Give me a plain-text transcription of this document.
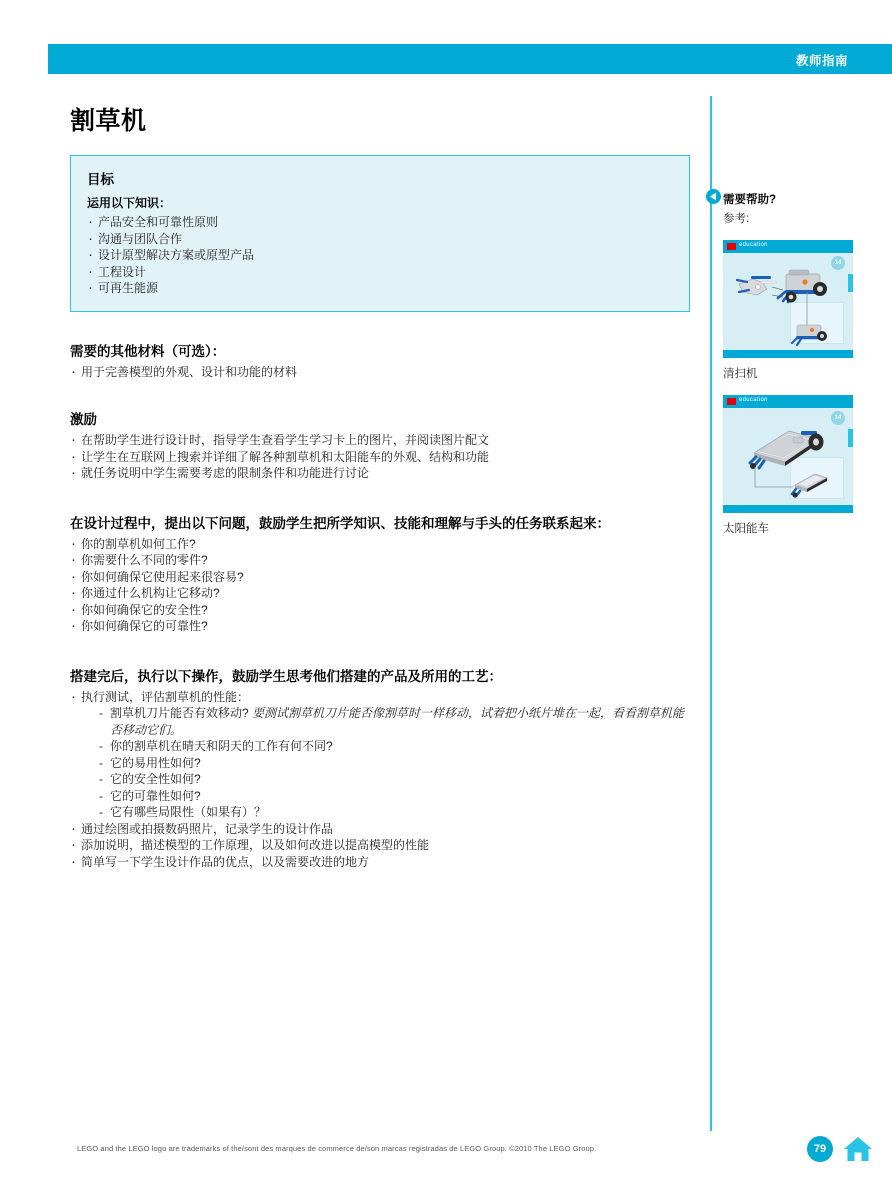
教师指南
割草机
目标
运用以下知识：
· 产品安全和可靠性原则
· 沟通与团队合作
· 设计原型解决方案或原型产品
· 工程设计
· 可再生能源
需要的其他材料（可选）：
· 用于完善模型的外观、设计和功能的材料
激励
· 在帮助学生进行设计时，指导学生查看学生学习卡上的图片，并阅读图片配文
· 让学生在互联网上搜索并详细了解各种割草机和太阳能车的外观、结构和功能
· 就任务说明中学生需要考虑的限制条件和功能进行讨论
在设计过程中，提出以下问题，鼓励学生把所学知识、技能和理解与手头的任务联系起来：
· 你的割草机如何工作?
· 你需要什么不同的零件?
· 你如何确保它使用起来很容易?
· 你通过什么机构让它移动?
· 你如何确保它的安全性?
· 你如何确保它的可靠性?
搭建完后，执行以下操作，鼓励学生思考他们搭建的产品及所用的工艺：
· 执行测试，评估割草机的性能：
- 割草机刀片能否有效移动? 要测试割草机刀片能否像割草时一样移动，试着把小纸片堆在一起，看看割草机能否移动它们。
- 你的割草机在晴天和阴天的工作有何不同?
- 它的易用性如何?
- 它的安全性如何?
- 它的可靠性如何?
- 它有哪些局限性（如果有）？
· 通过绘图或拍摄数码照片，记录学生的设计作品
· 添加说明，描述模型的工作原理，以及如何改进以提高模型的性能
· 简单写一下学生设计作品的优点，以及需要改进的地方
需要帮助?
参考:
education
14
清扫机
education
14
太阳能车
LEGO and the LEGO logo are trademarks of the/sont des marques de commerce de/son marcas registradas de LEGO Group. ©2010 The LEGO Group.	79
